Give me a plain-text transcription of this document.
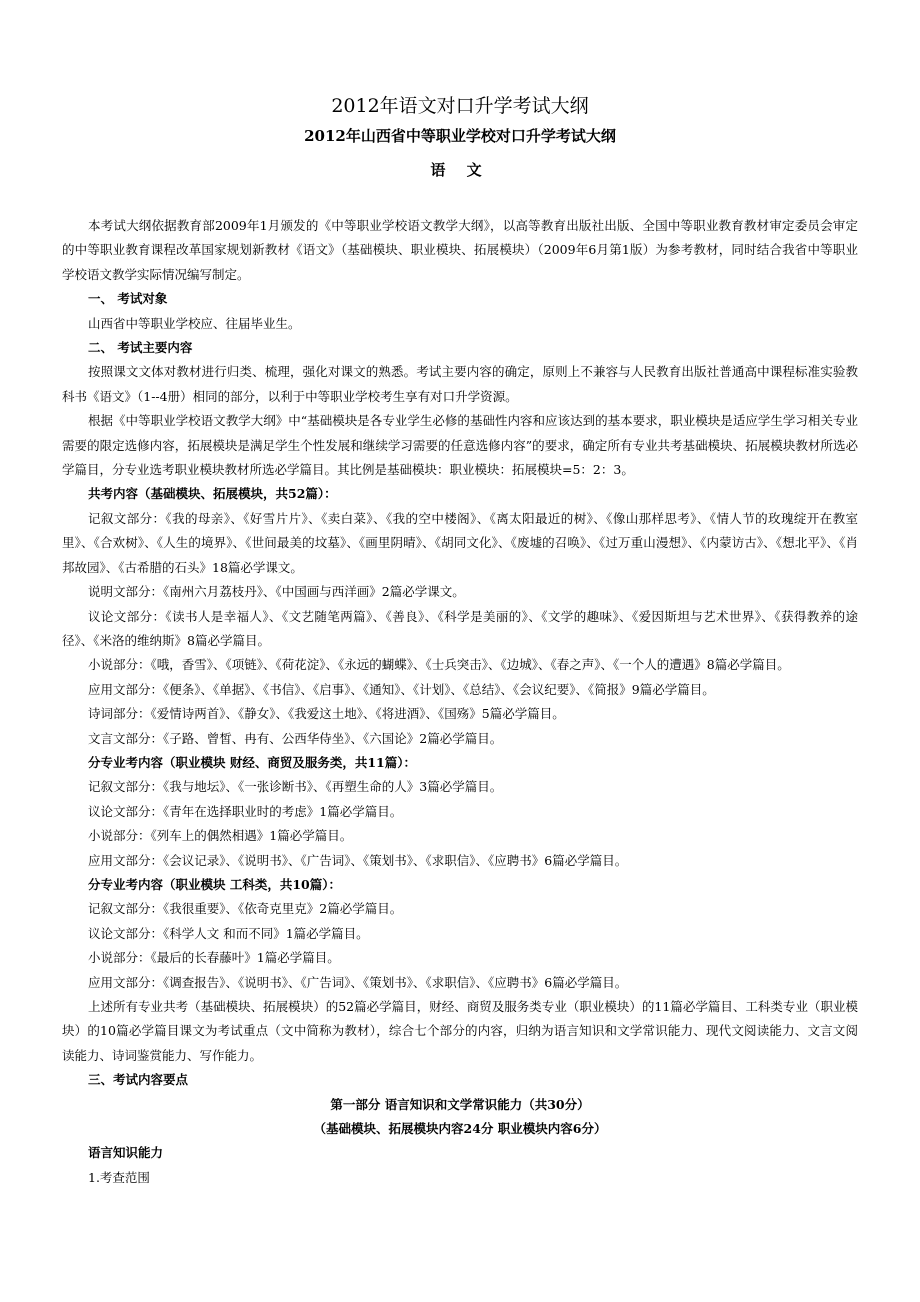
2012年语文对口升学考试大纲
2012年山西省中等职业学校对口升学考试大纲
语 文

本考试大纲依据教育部2009年1月颁发的《中等职业学校语文教学大纲》，以高等教育出版社出版、全国中等职业教育教材审定委员会审定的中等职业教育课程改革国家规划新教材《语文》（基础模块、职业模块、拓展模块）（2009年6月第1版）为参考教材，同时结合我省中等职业学校语文教学实际情况编写制定。

一、 考试对象

山西省中等职业学校应、往届毕业生。

二、 考试主要内容

按照课文文体对教材进行归类、梳理，强化对课文的熟悉。考试主要内容的确定，原则上不兼容与人民教育出版社普通高中课程标准实验教科书《语文》（1--4册）相同的部分，以利于中等职业学校考生享有对口升学资源。

根据《中等职业学校语文教学大纲》中“基础模块是各专业学生必修的基础性内容和应该达到的基本要求，职业模块是适应学生学习相关专业需要的限定选修内容，拓展模块是满足学生个性发展和继续学习需要的任意选修内容”的要求，确定所有专业共考基础模块、拓展模块教材所选必学篇目，分专业选考职业模块教材所选必学篇目。其比例是基础模块：职业模块：拓展模块=5：2：3。

共考内容（基础模块、拓展模块，共52篇）：

记叙文部分：《我的母亲》、《好雪片片》、《卖白菜》、《我的空中楼阁》、《离太阳最近的树》、《像山那样思考》、《情人节的玫瑰绽开在教室里》、《合欢树》、《人生的境界》、《世间最美的坟墓》、《画里阴晴》、《胡同文化》、《废墟的召唤》、《过万重山漫想》、《内蒙访古》、《想北平》、《肖邦故园》、《古希腊的石头》18篇必学课文。

说明文部分：《南州六月荔枝丹》、《中国画与西洋画》2篇必学课文。

议论文部分：《读书人是幸福人》、《文艺随笔两篇》、《善良》、《科学是美丽的》、《文学的趣味》、《爱因斯坦与艺术世界》、《获得教养的途径》、《米洛的维纳斯》8篇必学篇目。

小说部分：《哦，香雪》、《项链》、《荷花淀》、《永远的蝴蝶》、《士兵突击》、《边城》、《春之声》、《一个人的遭遇》8篇必学篇目。

应用文部分：《便条》、《单据》、《书信》、《启事》、《通知》、《计划》、《总结》、《会议纪要》、《简报》9篇必学篇目。

诗词部分：《爱情诗两首》、《静女》、《我爱这土地》、《将进酒》、《国殇》5篇必学篇目。

文言文部分：《子路、曾皙、冉有、公西华侍坐》、《六国论》2篇必学篇目。

分专业考内容（职业模块 财经、商贸及服务类，共11篇）：

记叙文部分：《我与地坛》、《一张诊断书》、《再塑生命的人》3篇必学篇目。

议论文部分：《青年在选择职业时的考虑》1篇必学篇目。

小说部分：《列车上的偶然相遇》1篇必学篇目。

应用文部分：《会议记录》、《说明书》、《广告词》、《策划书》、《求职信》、《应聘书》6篇必学篇目。

分专业考内容（职业模块 工科类，共10篇）：

记叙文部分：《我很重要》、《依奇克里克》2篇必学篇目。

议论文部分：《科学人文 和而不同》1篇必学篇目。

小说部分：《最后的长春藤叶》1篇必学篇目。

应用文部分：《调查报告》、《说明书》、《广告词》、《策划书》、《求职信》、《应聘书》6篇必学篇目。

上述所有专业共考（基础模块、拓展模块）的52篇必学篇目，财经、商贸及服务类专业（职业模块）的11篇必学篇目、工科类专业（职业模块）的10篇必学篇目课文为考试重点（文中简称为教材），综合七个部分的内容，归纳为语言知识和文学常识能力、现代文阅读能力、文言文阅读能力、诗词鉴赏能力、写作能力。

三、考试内容要点

第一部分 语言知识和文学常识能力（共30分）

（基础模块、拓展模块内容24分 职业模块内容6分）

语言知识能力

1.考查范围
